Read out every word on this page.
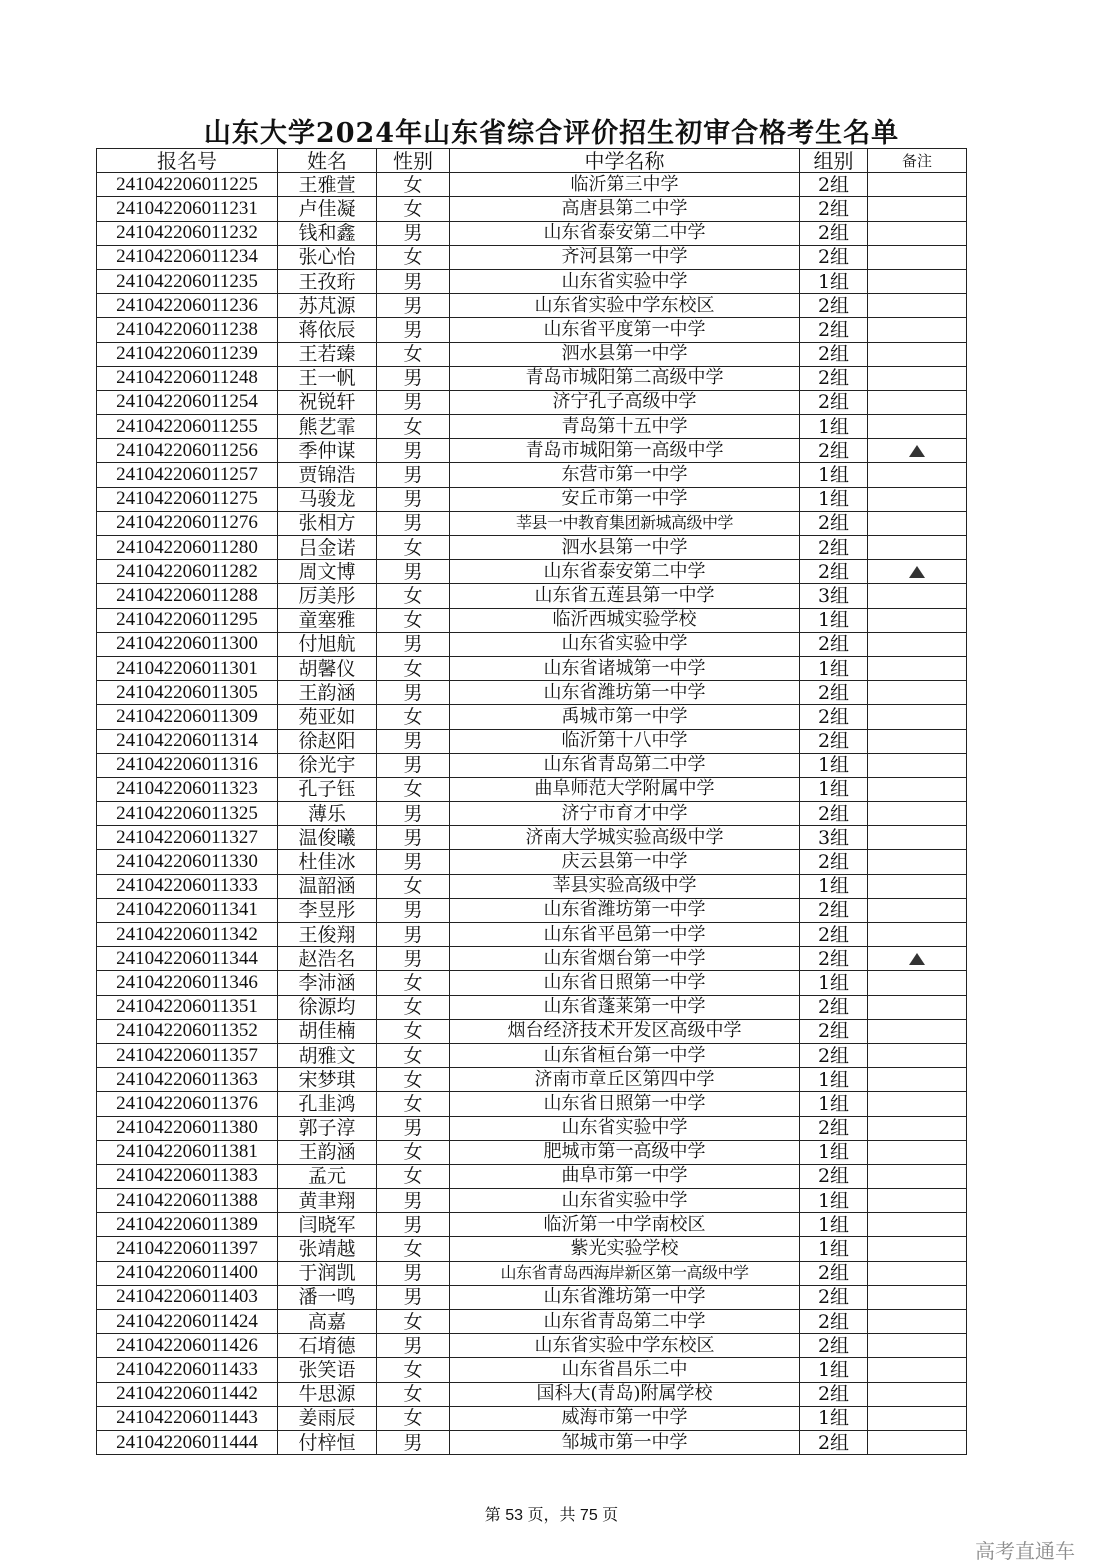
山东大学2024年山东省综合评价招生初审合格考生名单
报名号	姓名	性别	中学名称	组别	备注
241042206011225	王雅萱	女	临沂第三中学	2组	
241042206011231	卢佳凝	女	高唐县第二中学	2组	
241042206011232	钱和鑫	男	山东省泰安第二中学	2组	
241042206011234	张心怡	女	齐河县第一中学	2组	
241042206011235	王孜珩	男	山东省实验中学	1组	
241042206011236	苏芃源	男	山东省实验中学东校区	2组	
241042206011238	蒋依辰	男	山东省平度第一中学	2组	
241042206011239	王若臻	女	泗水县第一中学	2组	
241042206011248	王一帆	男	青岛市城阳第二高级中学	2组	
241042206011254	祝锐轩	男	济宁孔子高级中学	2组	
241042206011255	熊艺霏	女	青岛第十五中学	1组	
241042206011256	季仲谋	男	青岛市城阳第一高级中学	2组	
241042206011257	贾锦浩	男	东营市第一中学	1组	
241042206011275	马骏龙	男	安丘市第一中学	1组	
241042206011276	张相方	男	莘县一中教育集团新城高级中学	2组	
241042206011280	吕金诺	女	泗水县第一中学	2组	
241042206011282	周文博	男	山东省泰安第二中学	2组	
241042206011288	厉美彤	女	山东省五莲县第一中学	3组	
241042206011295	童塞雅	女	临沂西城实验学校	1组	
241042206011300	付旭航	男	山东省实验中学	2组	
241042206011301	胡馨仪	女	山东省诸城第一中学	1组	
241042206011305	王韵涵	男	山东省潍坊第一中学	2组	
241042206011309	苑亚如	女	禹城市第一中学	2组	
241042206011314	徐赵阳	男	临沂第十八中学	2组	
241042206011316	徐光宇	男	山东省青岛第二中学	1组	
241042206011323	孔子钰	女	曲阜师范大学附属中学	1组	
241042206011325	薄乐	男	济宁市育才中学	2组	
241042206011327	温俊曦	男	济南大学城实验高级中学	3组	
241042206011330	杜佳冰	男	庆云县第一中学	2组	
241042206011333	温韶涵	女	莘县实验高级中学	1组	
241042206011341	李昱彤	男	山东省潍坊第一中学	2组	
241042206011342	王俊翔	男	山东省平邑第一中学	2组	
241042206011344	赵浩名	男	山东省烟台第一中学	2组	
241042206011346	李沛涵	女	山东省日照第一中学	1组	
241042206011351	徐源均	女	山东省蓬莱第一中学	2组	
241042206011352	胡佳楠	女	烟台经济技术开发区高级中学	2组	
241042206011357	胡雅文	女	山东省桓台第一中学	2组	
241042206011363	宋梦琪	女	济南市章丘区第四中学	1组	
241042206011376	孔韭鸿	女	山东省日照第一中学	1组	
241042206011380	郭子淳	男	山东省实验中学	2组	
241042206011381	王韵涵	女	肥城市第一高级中学	1组	
241042206011383	孟元	女	曲阜市第一中学	2组	
241042206011388	黄聿翔	男	山东省实验中学	1组	
241042206011389	闫晓军	男	临沂第一中学南校区	1组	
241042206011397	张靖越	女	紫光实验学校	1组	
241042206011400	于润凯	男	山东省青岛西海岸新区第一高级中学	2组	
241042206011403	潘一鸣	男	山东省潍坊第一中学	2组	
241042206011424	高嘉	女	山东省青岛第二中学	2组	
241042206011426	石堉德	男	山东省实验中学东校区	2组	
241042206011433	张笑语	女	山东省昌乐二中	1组	
241042206011442	牛思源	女	国科大(青岛)附属学校	2组	
241042206011443	姜雨辰	女	威海市第一中学	1组	
241042206011444	付梓恒	男	邹城市第一中学	2组	
第 53 页，共 75 页
高考直通车
